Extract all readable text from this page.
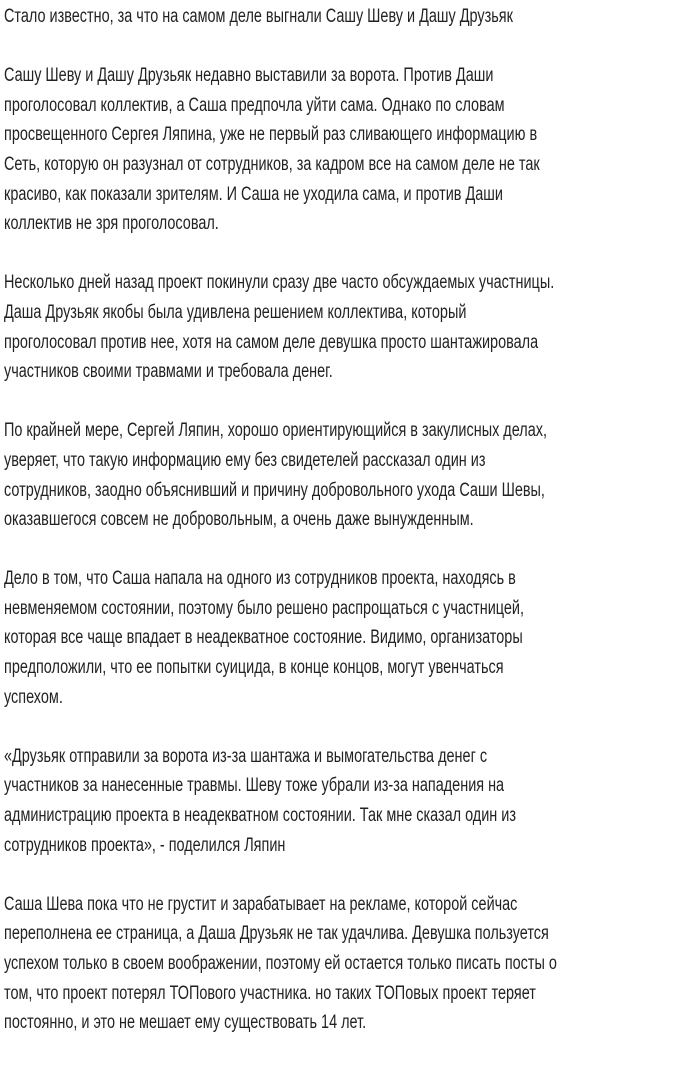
Стало известно, за что на самом деле выгнали Сашу Шеву и Дашу Друзьяк

Сашу Шеву и Дашу Друзьяк недавно выставили за ворота. Против Даши
проголосовал коллектив, а Саша предпочла уйти сама. Однако по словам
просвещенного Сергея Ляпина, уже не первый раз сливающего информацию в
Сеть, которую он разузнал от сотрудников, за кадром все на самом деле не так
красиво, как показали зрителям. И Саша не уходила сама, и против Даши
коллектив не зря проголосовал.

Несколько дней назад проект покинули сразу две часто обсуждаемых участницы.
Даша Друзьяк якобы была удивлена решением коллектива, который
проголосовал против нее, хотя на самом деле девушка просто шантажировала
участников своими травмами и требовала денег.

По крайней мере, Сергей Ляпин, хорошо ориентирующийся в закулисных делах,
уверяет, что такую информацию ему без свидетелей рассказал один из
сотрудников, заодно объяснивший и причину добровольного ухода Саши Шевы,
оказавшегося совсем не добровольным, а очень даже вынужденным.

Дело в том, что Саша напала на одного из сотрудников проекта, находясь в
невменяемом состоянии, поэтому было решено распрощаться с участницей,
которая все чаще впадает в неадекватное состояние. Видимо, организаторы
предположили, что ее попытки суицида, в конце концов, могут увенчаться
успехом.

«Друзьяк отправили за ворота из-за шантажа и вымогательства денег с
участников за нанесенные травмы. Шеву тоже убрали из-за нападения на
администрацию проекта в неадекватном состоянии. Так мне сказал один из
сотрудников проекта», - поделился Ляпин

Саша Шева пока что не грустит и зарабатывает на рекламе, которой сейчас
переполнена ее страница, а Даша Друзьяк не так удачлива. Девушка пользуется
успехом только в своем воображении, поэтому ей остается только писать посты о
том, что проект потерял ТОПового участника. но таких ТОПовых проект теряет
постоянно, и это не мешает ему существовать 14 лет.
